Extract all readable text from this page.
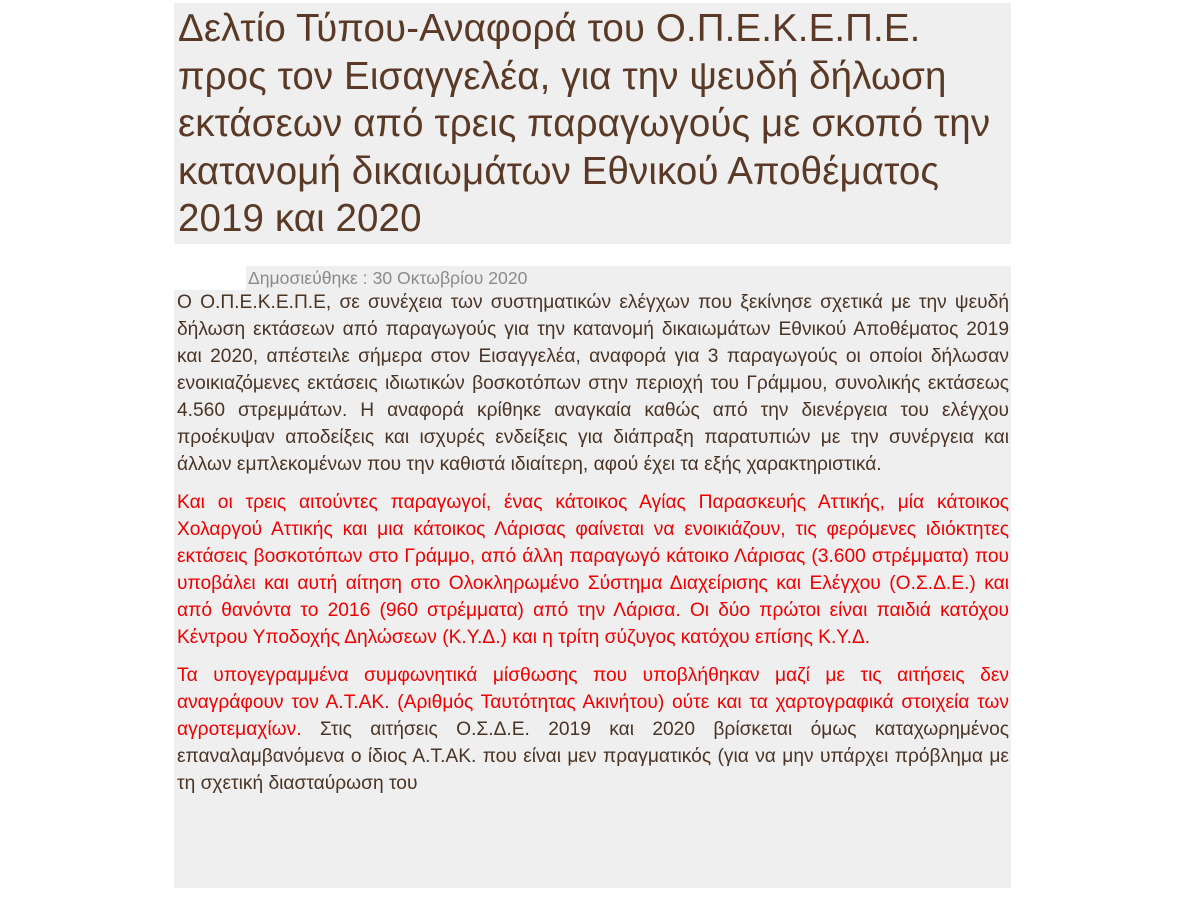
Δελτίο Τύπου-Αναφορά του Ο.Π.Ε.Κ.Ε.Π.Ε. προς τον Εισαγγελέα, για την ψευδή δήλωση εκτάσεων από τρεις παραγωγούς με σκοπό την κατανομή δικαιωμάτων Εθνικού Αποθέματος 2019 και 2020
Δημοσιεύθηκε : 30 Οκτωβρίου 2020

Ο Ο.Π.Ε.Κ.Ε.Π.Ε, σε συνέχεια των συστηματικών ελέγχων που ξεκίνησε σχετικά με την ψευδή δήλωση εκτάσεων από παραγωγούς για την κατανομή δικαιωμάτων Εθνικού Αποθέματος 2019 και 2020, απέστειλε σήμερα στον Εισαγγελέα, αναφορά για 3 παραγωγούς οι οποίοι δήλωσαν ενοικιαζόμενες εκτάσεις ιδιωτικών βοσκοτόπων στην περιοχή του Γράμμου, συνολικής εκτάσεως 4.560 στρεμμάτων. Η αναφορά κρίθηκε αναγκαία καθώς από την διενέργεια του ελέγχου προέκυψαν αποδείξεις και ισχυρές ενδείξεις για διάπραξη παρατυπιών με την συνέργεια και άλλων εμπλεκομένων που την καθιστά ιδιαίτερη, αφού έχει τα εξής χαρακτηριστικά.

Και οι τρεις αιτούντες παραγωγοί, ένας κάτοικος Αγίας Παρασκευής Αττικής, μία κάτοικος Χολαργού Αττικής και μια κάτοικος Λάρισας φαίνεται να ενοικιάζουν, τις φερόμενες ιδιόκτητες εκτάσεις βοσκοτόπων στο Γράμμο, από άλλη παραγωγό κάτοικο Λάρισας (3.600 στρέμματα) που υποβάλει και αυτή αίτηση στο Ολοκληρωμένο Σύστημα Διαχείρισης και Ελέγχου (Ο.Σ.Δ.Ε.) και από θανόντα το 2016 (960 στρέμματα) από την Λάρισα. Οι δύο πρώτοι είναι παιδιά κατόχου Κέντρου Υποδοχής Δηλώσεων (Κ.Υ.Δ.) και η τρίτη σύζυγος κατόχου επίσης Κ.Υ.Δ.

Τα υπογεγραμμένα συμφωνητικά μίσθωσης που υποβλήθηκαν μαζί με τις αιτήσεις δεν αναγράφουν τον Α.Τ.ΑΚ. (Αριθμός Ταυτότητας Ακινήτου) ούτε και τα χαρτογραφικά στοιχεία των αγροτεμαχίων. Στις αιτήσεις Ο.Σ.Δ.Ε. 2019 και 2020 βρίσκεται όμως καταχωρημένος επαναλαμβανόμενα ο ίδιος Α.Τ.ΑΚ. που είναι μεν πραγματικός (για να μην υπάρχει πρόβλημα με τη σχετική διασταύρωση του
